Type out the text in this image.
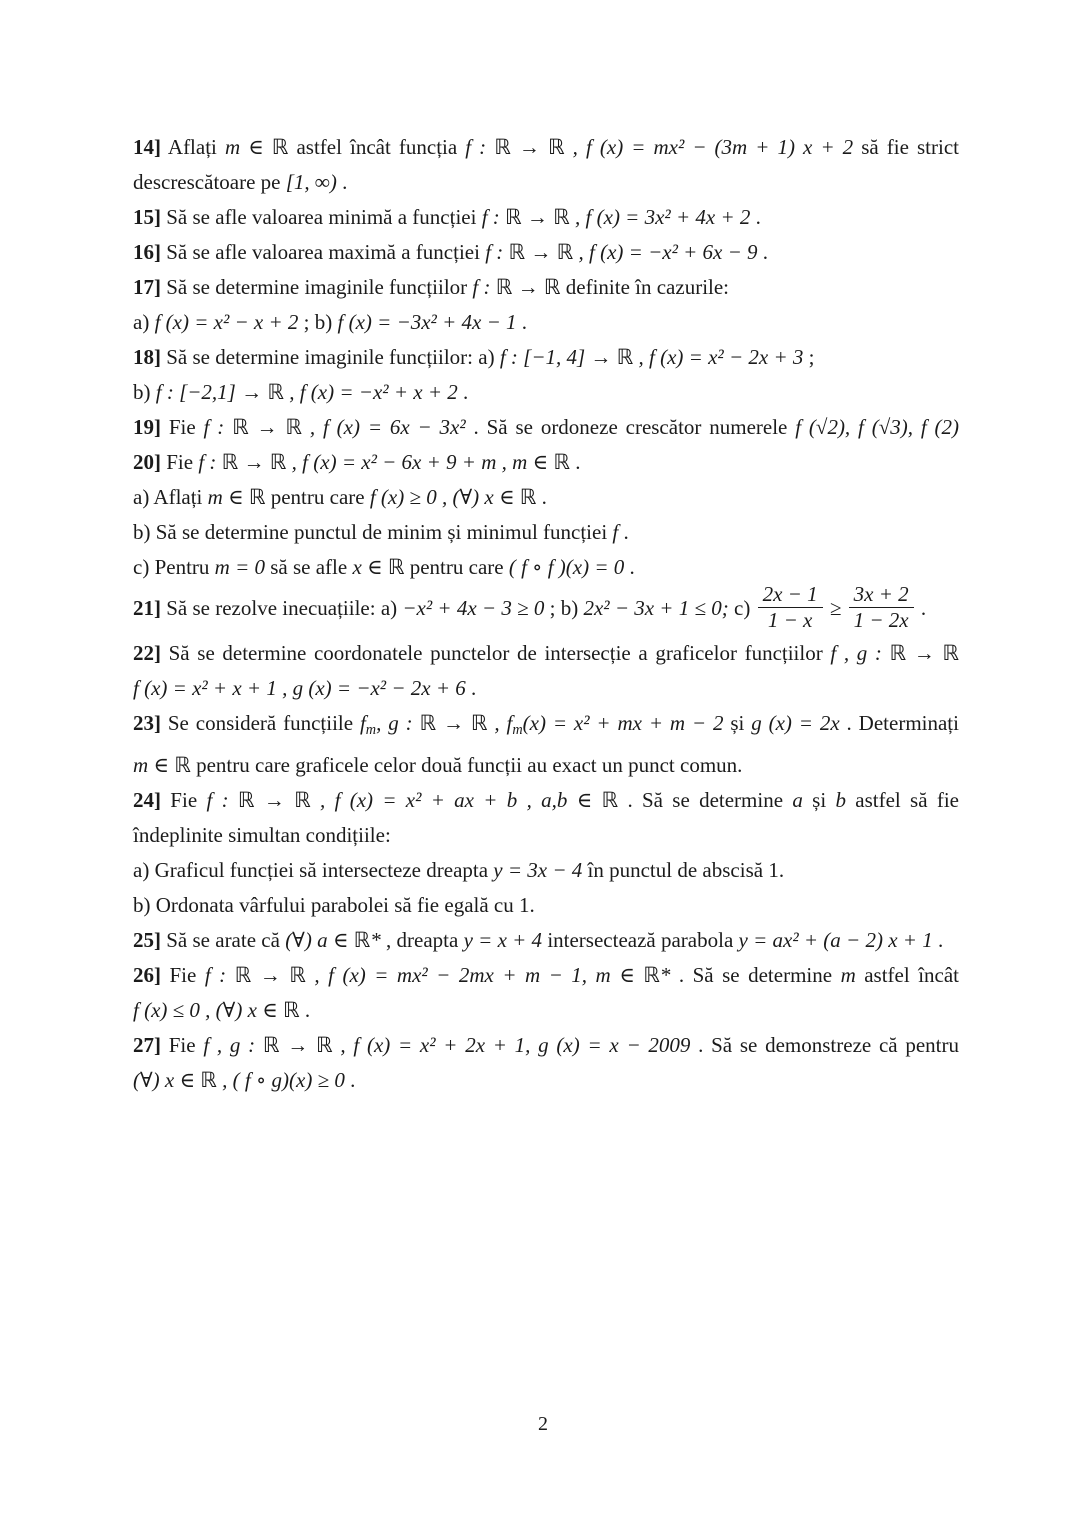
14] Aflați m ∈ ℝ astfel încât funcția f : ℝ → ℝ , f (x) = mx² − (3m + 1) x + 2 să fie strict

descrescătoare pe [1, ∞) .

15] Să se afle valoarea minimă a funcției f : ℝ → ℝ , f (x) = 3x² + 4x + 2 .

16] Să se afle valoarea maximă a funcției f : ℝ → ℝ , f (x) = −x² + 6x − 9 .

17] Să se determine imaginile funcțiilor f : ℝ → ℝ definite în cazurile:

a) f (x) = x² − x + 2 ; b) f (x) = −3x² + 4x − 1 .

18] Să se determine imaginile funcțiilor: a) f : [−1, 4] → ℝ , f (x) = x² − 2x + 3 ;

b) f : [−2,1] → ℝ , f (x) = −x² + x + 2 .

19] Fie f : ℝ → ℝ , f (x) = 6x − 3x² . Să se ordoneze crescător numerele f (√2), f (√3), f (2)

20] Fie f : ℝ → ℝ , f (x) = x² − 6x + 9 + m , m ∈ ℝ .

a) Aflați m ∈ ℝ pentru care f (x) ≥ 0 , (∀) x ∈ ℝ .

b) Să se determine punctul de minim și minimul funcției f .

c) Pentru m = 0 să se afle x ∈ ℝ pentru care ( f ∘ f )(x) = 0 .

21] Să se rezolve inecuațiile: a) −x² + 4x − 3 ≥ 0 ; b) 2x² − 3x + 1 ≤ 0; $c) \frac{2x - 1}{1 - x} \ge \frac{3x + 2}{1 - 2x}$ .

22] Să se determine coordonatele punctelor de intersecție a graficelor funcțiilor f , g : ℝ → ℝ

f (x) = x² + x + 1 , g (x) = −x² − 2x + 6 .

23] Se consideră funcțiile fm, g : ℝ → ℝ , fm(x) = x² + mx + m − 2 și g (x) = 2x . Determinați

m ∈ ℝ pentru care graficele celor două funcții au exact un punct comun.

24] Fie f : ℝ → ℝ , f (x) = x² + ax + b , a,b ∈ ℝ . Să se determine a și b astfel să fie

îndeplinite simultan condițiile:

a) Graficul funcției să intersecteze dreapta y = 3x − 4 în punctul de abscisă 1.

b) Ordonata vârfului parabolei să fie egală cu 1.

25] Să se arate că (∀) a ∈ ℝ* , dreapta y = x + 4 intersectează parabola y = ax² + (a − 2) x + 1 .

26] Fie f : ℝ → ℝ , f (x) = mx² − 2mx + m − 1, m ∈ ℝ* . Să se determine m astfel încât

f (x) ≤ 0 , (∀) x ∈ ℝ .

27] Fie f , g : ℝ → ℝ , f (x) = x² + 2x + 1, g (x) = x − 2009 . Să se demonstreze că pentru

(∀) x ∈ ℝ , ( f ∘ g)(x) ≥ 0 .

2
